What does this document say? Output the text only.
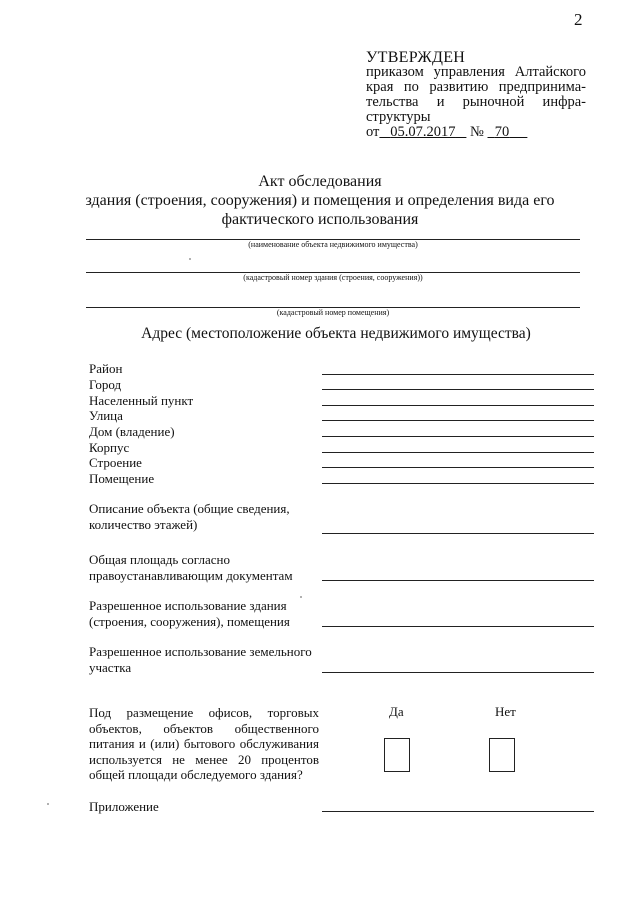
2
УТВЕРЖДЕН
приказом управления Алтайского
края по развитию предпринима-
тельства и рыночной инфра-
структуры
от 05.07.2017 № 70
Акт обследования
здания (строения, сооружения) и помещения и определения вида его
фактического использования
(наименование объекта недвижимого имущества)
(кадастровый номер здания (строения, сооружения))
(кадастровый номер помещения)
Адрес (местоположение объекта недвижимого имущества)
Район
Город
Населенный пункт
Улица
Дом (владение)
Корпус
Строение
Помещение
Описание объекта (общие сведения,
количество этажей)
Общая площадь согласно
правоустанавливающим документам
Разрешенное использование здания
(строения, сооружения), помещения
Разрешенное использование земельного
участка
Под размещение офисов, торговых
объектов, объектов общественного
питания и (или) бытового обслуживания
используется не менее 20 процентов
общей площади обследуемого здания?
Да	Нет
Приложение
